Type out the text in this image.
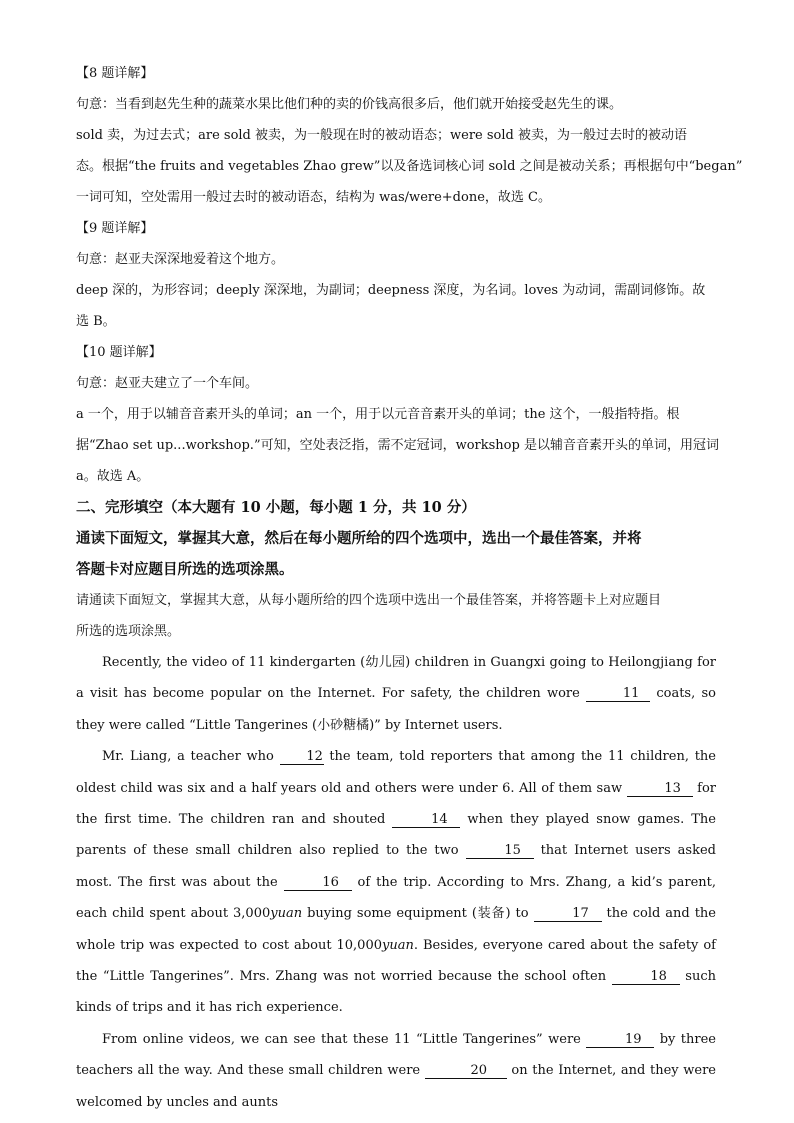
【8 题详解】
句意：当看到赵先生种的蔬菜水果比他们种的卖的价钱高很多后，他们就开始接受赵先生的课。
sold 卖，为过去式；are sold 被卖，为一般现在时的被动语态；were sold 被卖，为一般过去时的被动语
态。根据“the fruits and vegetables Zhao grew”以及备选词核心词 sold 之间是被动关系；再根据句中“began”
一词可知，空处需用一般过去时的被动语态，结构为 was/were+done，故选 C。
【9 题详解】
句意：赵亚夫深深地爱着这个地方。
deep 深的，为形容词；deeply 深深地，为副词；deepness 深度，为名词。loves 为动词，需副词修饰。故
选 B。
【10 题详解】
句意：赵亚夫建立了一个车间。
a 一个，用于以辅音音素开头的单词；an 一个，用于以元音音素开头的单词；the 这个，一般指特指。根
据“Zhao set up...workshop.”可知，空处表泛指，需不定冠词，workshop 是以辅音音素开头的单词，用冠词
a。故选 A。
二、完形填空（本大题有 10 小题，每小题 1 分，共 10 分）
通读下面短文，掌握其大意，然后在每小题所给的四个选项中，选出一个最佳答案，并将
答题卡对应题目所选的选项涂黑。
请通读下面短文，掌握其大意，从每小题所给的四个选项中选出一个最佳答案，并将答题卡上对应题目
所选的选项涂黑。
Recently, the video of 11 kindergarten (幼儿园) children in Guangxi going to Heilongjiang for a visit has become popular on the Internet. For safety, the children wore	11 coats, so they were called “Little Tangerines (小砂糖橘)” by Internet users.
Mr. Liang, a teacher who 12 the team, told reporters that among the 11 children, the oldest child was six and a half years old and others were under 6. All of them saw	13 for the first time. The children ran and shouted	14 when they played snow games. The parents of these small children also replied to the two	15 that Internet users asked most. The first was about the	16 of the trip. According to Mrs. Zhang, a kid’s parent, each child spent about 3,000yuan buying some equipment (装备) to	17 the cold and the whole trip was expected to cost about 10,000yuan. Besides, everyone cared about the safety of the “Little Tangerines”. Mrs. Zhang was not worried because the school often	18 such kinds of trips and it has rich experience.
From online videos, we can see that these 11 “Little Tangerines” were	19 by three teachers all the way. And these small children were	20 on the Internet, and they were welcomed by uncles and aunts
